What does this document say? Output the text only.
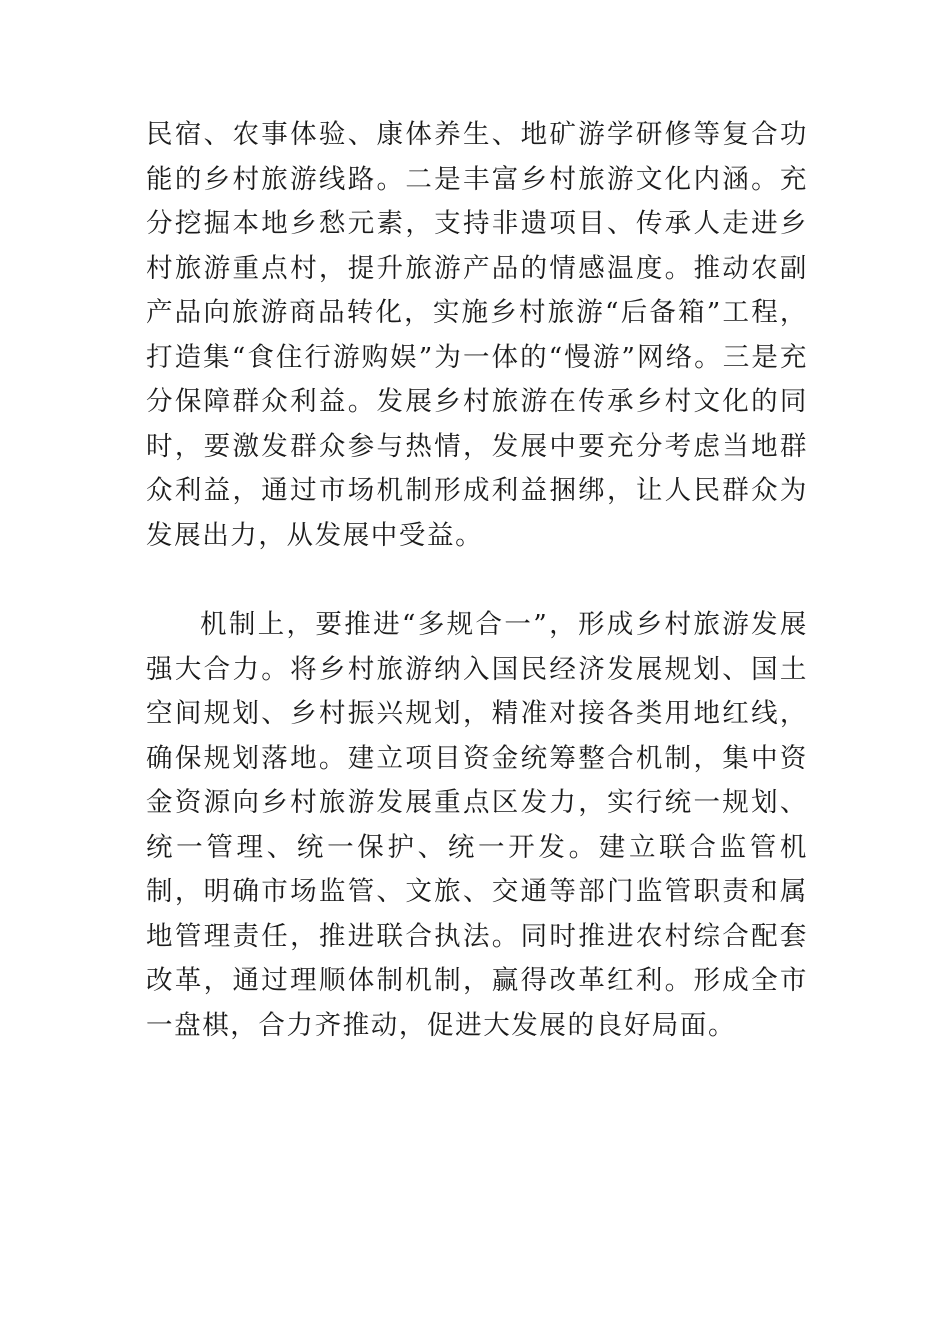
民宿、农事体验、康体养生、地矿游学研修等复合功能的乡村旅游线路。二是丰富乡村旅游文化内涵。充分挖掘本地乡愁元素，支持非遗项目、传承人走进乡村旅游重点村，提升旅游产品的情感温度。推动农副产品向旅游商品转化，实施乡村旅游“后备箱”工程，打造集“食住行游购娱”为一体的“慢游”网络。三是充分保障群众利益。发展乡村旅游在传承乡村文化的同时，要激发群众参与热情，发展中要充分考虑当地群众利益，通过市场机制形成利益捆绑，让人民群众为发展出力，从发展中受益。

机制上，要推进“多规合一”，形成乡村旅游发展强大合力。将乡村旅游纳入国民经济发展规划、国土空间规划、乡村振兴规划，精准对接各类用地红线，确保规划落地。建立项目资金统筹整合机制，集中资金资源向乡村旅游发展重点区发力，实行统一规划、统一管理、统一保护、统一开发。建立联合监管机制，明确市场监管、文旅、交通等部门监管职责和属地管理责任，推进联合执法。同时推进农村综合配套改革，通过理顺体制机制，赢得改革红利。形成全市一盘棋，合力齐推动，促进大发展的良好局面。
